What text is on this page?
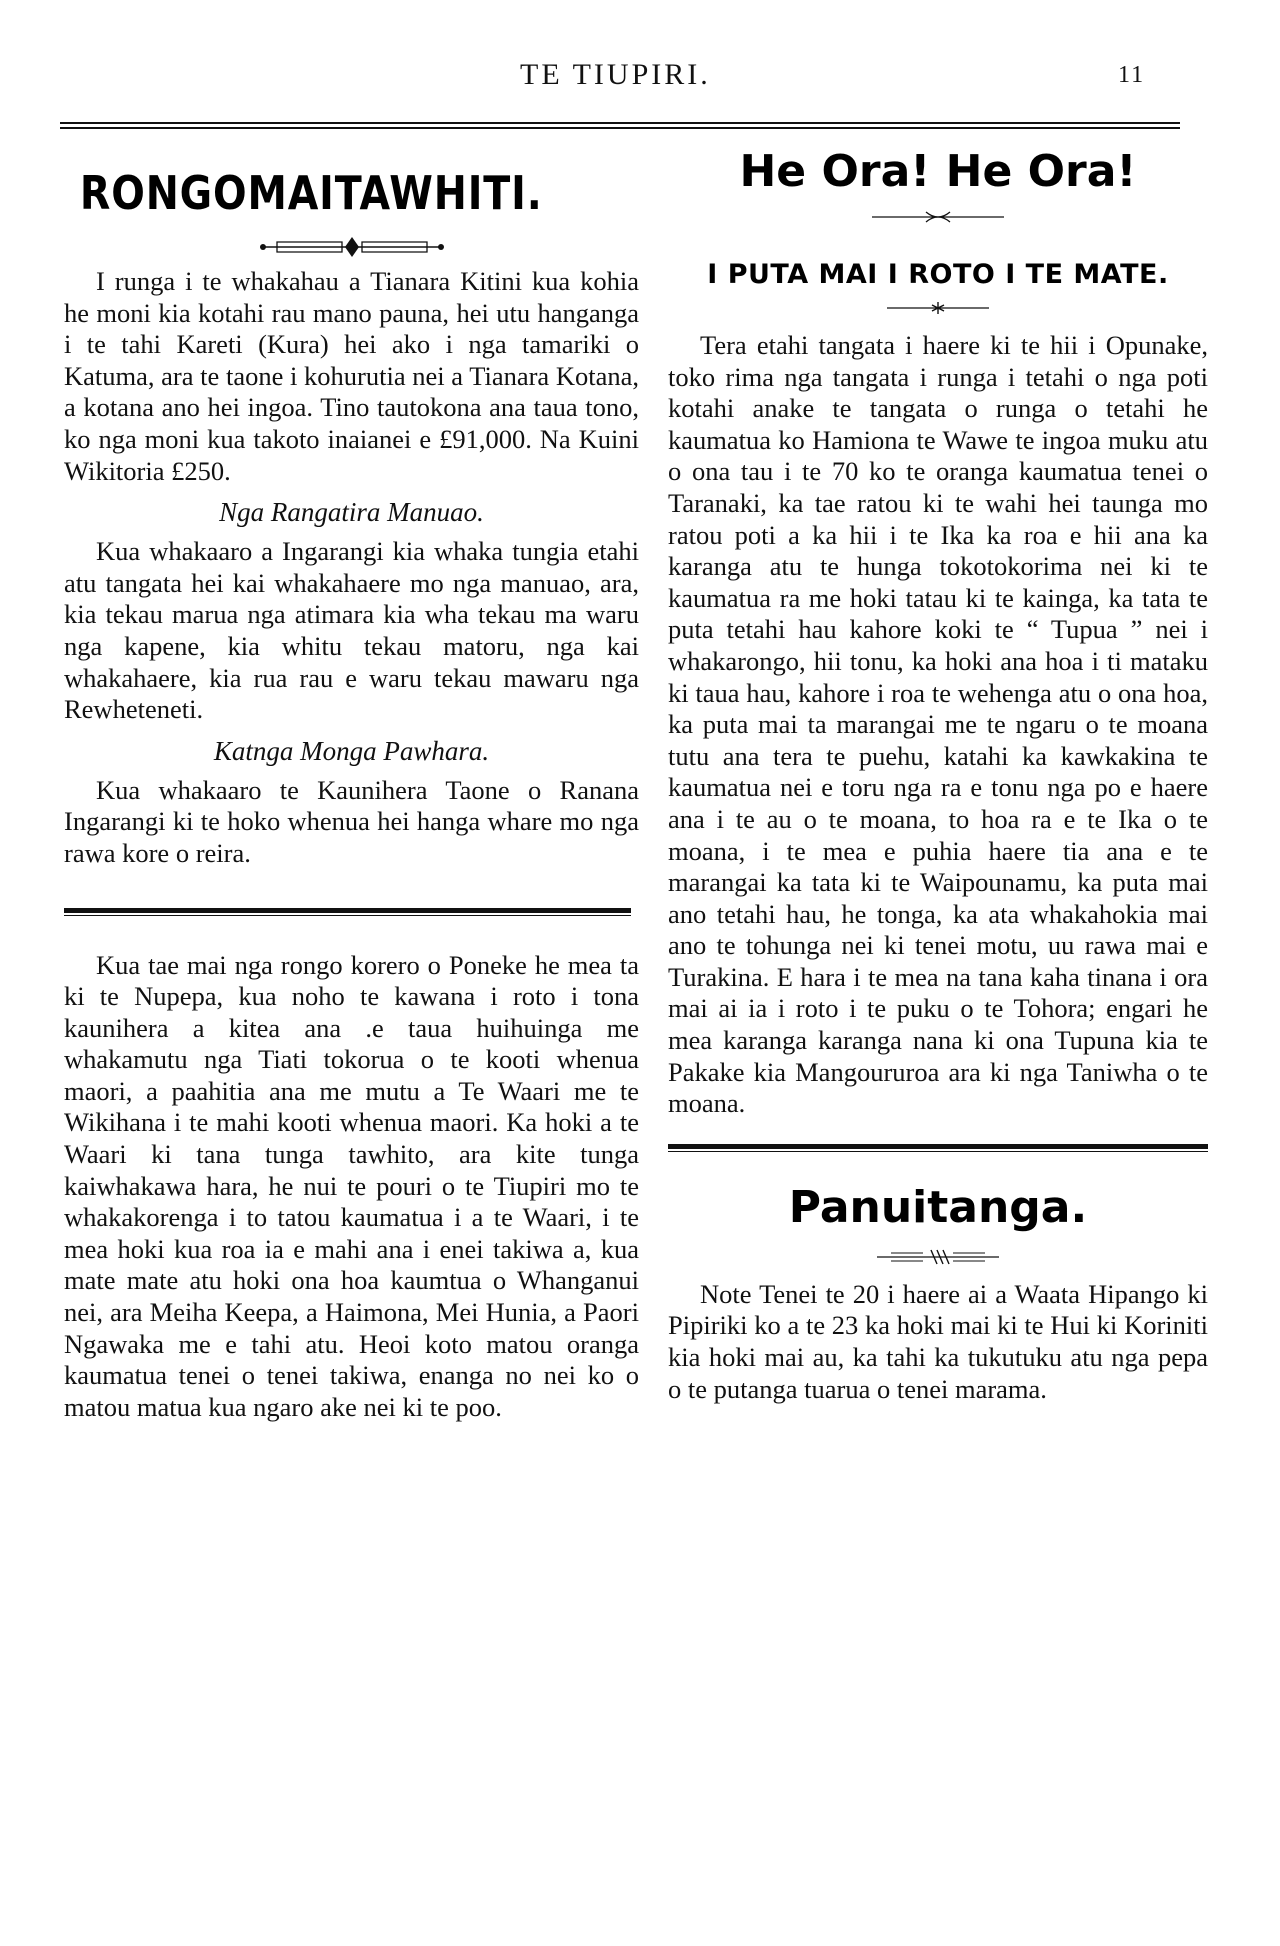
TE TIUPIRI.	11
RONGOMAITAWHITI.

I runga i te whakahau a Tianara Kitini kua kohia he moni kia kotahi rau mano pauna, hei utu hanganga i te tahi Kareti (Kura) hei ako i nga tamariki o Katuma, ara te taone i kohurutia nei a Tianara Kotana, a kotana ano hei ingoa. Tino tautokona ana taua tono, ko nga moni kua takoto inaianei e £91,000. Na Kuini Wikitoria £250.

Nga Rangatira Manuao.

Kua whakaaro a Ingarangi kia whaka tungia etahi atu tangata hei kai whakahaere mo nga manuao, ara, kia tekau marua nga atimara kia wha tekau ma waru nga kapene, kia whitu tekau matoru, nga kai whakahaere, kia rua rau e waru tekau mawaru nga Rewheteneti.

Katnga Monga Pawhara.

Kua whakaaro te Kaunihera Taone o Ranana Ingarangi ki te hoko whenua hei hanga whare mo nga rawa kore o reira.

Kua tae mai nga rongo korero o Poneke he mea ta ki te Nupepa, kua noho te kawana i roto i tona kaunihera a kitea ana .e taua huihuinga me whakamutu nga Tiati tokorua o te kooti whenua maori, a paahitia ana me mutu a Te Waari me te Wikihana i te mahi kooti whenua maori. Ka hoki a te Waari ki tana tunga tawhito, ara kite tunga kaiwhakawa hara, he nui te pouri o te Tiupiri mo te whakakorenga i to tatou kaumatua i a te Waari, i te mea hoki kua roa ia e mahi ana i enei takiwa a, kua mate mate atu hoki ona hoa kaumtua o Whanganui nei, ara Meiha Keepa, a Haimona, Mei Hunia, a Paori Ngawaka me e tahi atu. Heoi koto matou oranga kaumatua tenei o tenei takiwa, enanga no nei ko o matou matua kua ngaro ake nei ki te poo.

He Ora! He Ora!
I PUTA MAI I ROTO I TE MATE.

Tera etahi tangata i haere ki te hii i Opunake, toko rima nga tangata i runga i tetahi o nga poti kotahi anake te tangata o runga o tetahi he kaumatua ko Hamiona te Wawe te ingoa muku atu o ona tau i te 70 ko te oranga kaumatua tenei o Taranaki, ka tae ratou ki te wahi hei taunga mo ratou poti a ka hii i te Ika ka roa e hii ana ka karanga atu te hunga tokotokorima nei ki te kaumatua ra me hoki tatau ki te kainga, ka tata te puta tetahi hau kahore koki te “ Tupua ” nei i whakarongo, hii tonu, ka hoki ana hoa i ti mataku ki taua hau, kahore i roa te wehenga atu o ona hoa, ka puta mai ta marangai me te ngaru o te moana tutu ana tera te puehu, katahi ka kawkakina te kaumatua nei e toru nga ra e tonu nga po e haere ana i te au o te moana, to hoa ra e te Ika o te moana, i te mea e puhia haere tia ana e te marangai ka tata ki te Waipounamu, ka puta mai ano tetahi hau, he tonga, ka ata whakahokia mai ano te tohunga nei ki tenei motu, uu rawa mai e Turakina. E hara i te mea na tana kaha tinana i ora mai ai ia i roto i te puku o te Tohora; engari he mea karanga karanga nana ki ona Tupuna kia te Pakake kia Mangoururoa ara ki nga Taniwha o te moana.

Panuitanga.

Note Tenei te 20 i haere ai a Waata Hipango ki Pipiriki ko a te 23 ka hoki mai ki te Hui ki Koriniti kia hoki mai au, ka tahi ka tukutuku atu nga pepa o te putanga tuarua o tenei marama.
